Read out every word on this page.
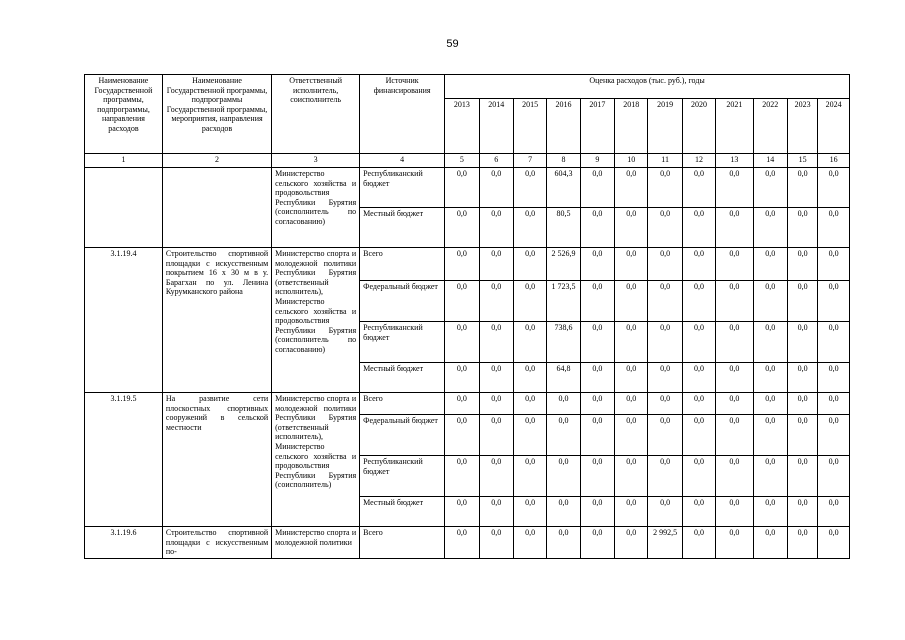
59
Наименование Государственной программы, подпрограммы, направления расходов	Наименование Государственной программы, подпрограммы Государственной программы, мероприятия, направления расходов	Ответственный исполнитель, соисполнитель	Источник финансирования	Оценка расходов (тыс. руб.), годы											
				2013	2014	2015	2016	2017	2018	2019	2020	2021	2022	2023	2024
1	2	3	4	5	6	7	8	9	10	11	12	13	14	15	16
		Министерство сельского хозяйства и продовольствия Республики Бурятия (соисполнитель по согласованию)	Республиканский бюджет	0,0	0,0	0,0	604,3	0,0	0,0	0,0	0,0	0,0	0,0	0,0	0,0
			Местный бюджет	0,0	0,0	0,0	80,5	0,0	0,0	0,0	0,0	0,0	0,0	0,0	0,0
3.1.19.4	Строительство спортивной площадки с искусственным покрытием 16 х 30 м в у. Барагхан по ул. Ленина Курумканского района	Министерство спорта и молодежной политики Республики Бурятия (ответственный исполнитель), Министерство сельского хозяйства и продовольствия Республики Бурятия (соисполнитель по согласованию)	Всего	0,0	0,0	0,0	2 526,9	0,0	0,0	0,0	0,0	0,0	0,0	0,0	0,0
			Федеральный бюджет	0,0	0,0	0,0	1 723,5	0,0	0,0	0,0	0,0	0,0	0,0	0,0	0,0
			Республиканский бюджет	0,0	0,0	0,0	738,6	0,0	0,0	0,0	0,0	0,0	0,0	0,0	0,0
			Местный бюджет	0,0	0,0	0,0	64,8	0,0	0,0	0,0	0,0	0,0	0,0	0,0	0,0
3.1.19.5	На развитие сети плоскостных спортивных сооружений в сельской местности	Министерство спорта и молодежной политики Республики Бурятия (ответственный исполнитель), Министерство сельского хозяйства и продовольствия Республики Бурятия (соисполнитель)	Всего	0,0	0,0	0,0	0,0	0,0	0,0	0,0	0,0	0,0	0,0	0,0	0,0
			Федеральный бюджет	0,0	0,0	0,0	0,0	0,0	0,0	0,0	0,0	0,0	0,0	0,0	0,0
			Республиканский бюджет	0,0	0,0	0,0	0,0	0,0	0,0	0,0	0,0	0,0	0,0	0,0	0,0
			Местный бюджет	0,0	0,0	0,0	0,0	0,0	0,0	0,0	0,0	0,0	0,0	0,0	0,0
3.1.19.6	Строительство спортивной площадки с искусственным по-	Министерство спорта и молодежной политики	Всего	0,0	0,0	0,0	0,0	0,0	0,0	2 992,5	0,0	0,0	0,0	0,0	0,0
